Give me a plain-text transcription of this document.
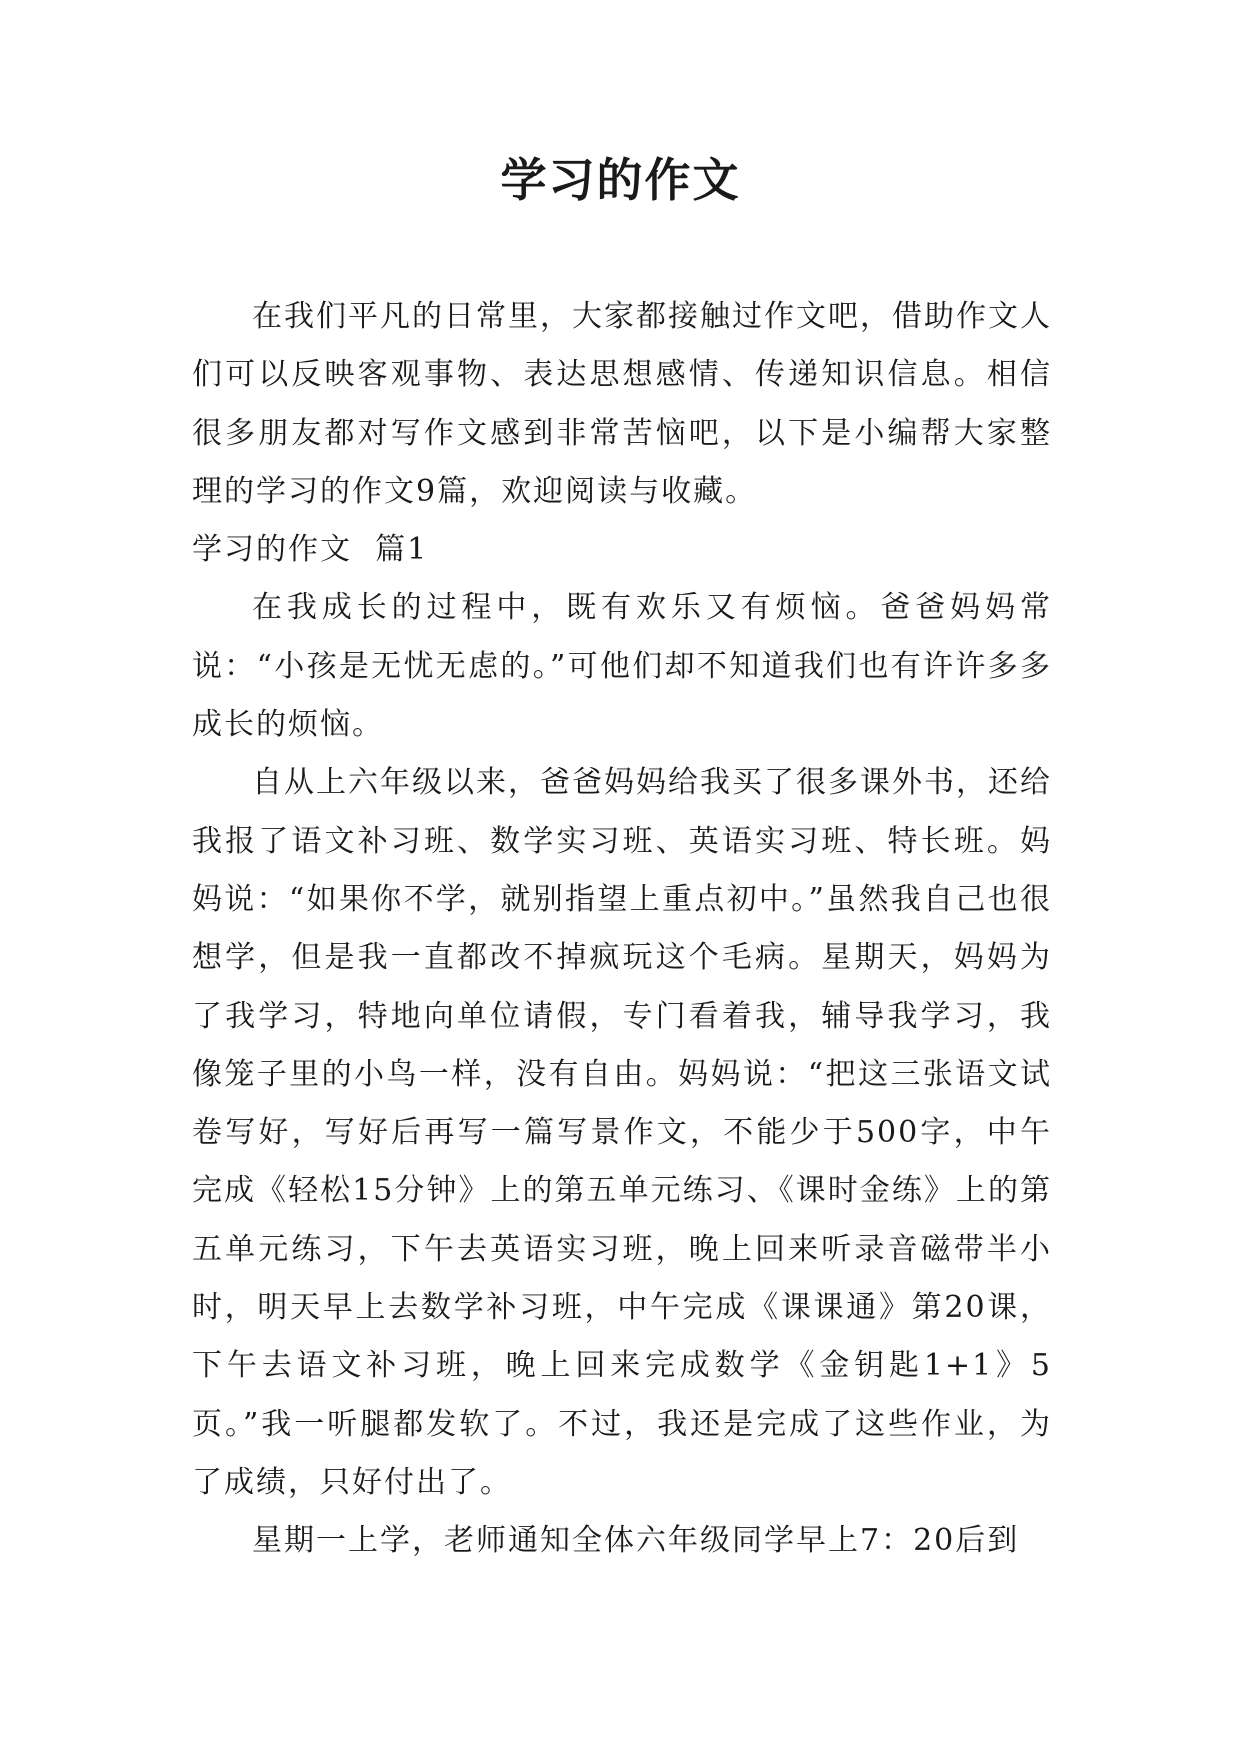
学习的作文

在我们平凡的日常里，大家都接触过作文吧，借助作文人们可以反映客观事物、表达思想感情、传递知识信息。相信很多朋友都对写作文感到非常苦恼吧，以下是小编帮大家整理的学习的作文9篇，欢迎阅读与收藏。

学习的作文  篇1

在我成长的过程中，既有欢乐又有烦恼。爸爸妈妈常说：“小孩是无忧无虑的。”可他们却不知道我们也有许许多多成长的烦恼。

自从上六年级以来，爸爸妈妈给我买了很多课外书，还给我报了语文补习班、数学实习班、英语实习班、特长班。妈妈说：“如果你不学，就别指望上重点初中。”虽然我自己也很想学，但是我一直都改不掉疯玩这个毛病。星期天，妈妈为了我学习，特地向单位请假，专门看着我，辅导我学习，我像笼子里的小鸟一样，没有自由。妈妈说：“把这三张语文试卷写好，写好后再写一篇写景作文，不能少于500字，中午完成《轻松15分钟》上的第五单元练习、《课时金练》上的第五单元练习，下午去英语实习班，晚上回来听录音磁带半小时，明天早上去数学补习班，中午完成《课课通》第20课，下午去语文补习班，晚上回来完成数学《金钥匙1+1》5页。”我一听腿都发软了。不过，我还是完成了这些作业，为了成绩，只好付出了。

星期一上学，老师通知全体六年级同学早上7：20后到
